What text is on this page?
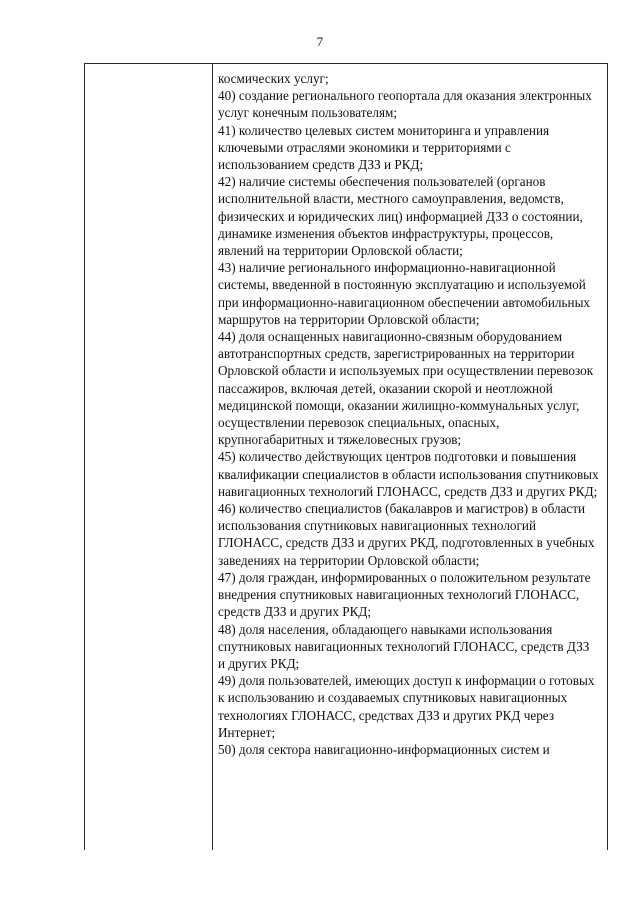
7

космических услуг;

40) создание регионального геопортала для оказания электронных услуг конечным пользователям;

41) количество целевых систем мониторинга и управления ключевыми отраслями экономики и территориями с использованием средств ДЗЗ и РКД;

42) наличие системы обеспечения пользователей (органов исполнительной власти, местного самоуправления, ведомств, физических и юридических лиц) информацией ДЗЗ о состоянии, динамике изменения объектов инфраструктуры, процессов, явлений на территории Орловской области;

43) наличие регионального информационно-навигационной системы, введенной в постоянную эксплуатацию и используемой при информационно-навигационном обеспечении автомобильных маршрутов на территории Орловской области;

44) доля оснащенных навигационно-связным оборудованием автотранспортных средств, зарегистрированных на территории Орловской области и используемых при осуществлении перевозок пассажиров, включая детей, оказании скорой и неотложной медицинской помощи, оказании жилищно-коммунальных услуг, осуществлении перевозок специальных, опасных, крупногабаритных и тяжеловесных грузов;

45) количество действующих центров подготовки и повышения квалификации специалистов в области использования спутниковых навигационных технологий ГЛОНАСС, средств ДЗЗ и других РКД;

46) количество специалистов (бакалавров и магистров) в области использования спутниковых навигационных технологий ГЛОНАСС, средств ДЗЗ и других РКД, подготовленных в учебных заведениях на территории Орловской области;

47) доля граждан, информированных о положительном результате внедрения спутниковых навигационных технологий ГЛОНАСС, средств ДЗЗ и других РКД;

48) доля населения, обладающего навыками использования спутниковых навигационных технологий ГЛОНАСС, средств ДЗЗ и других РКД;

49) доля пользователей, имеющих доступ к информации о готовых к использованию и создаваемых спутниковых навигационных технологиях ГЛОНАСС, средствах ДЗЗ и других РКД через Интернет;

50) доля сектора навигационно-информационных систем и
